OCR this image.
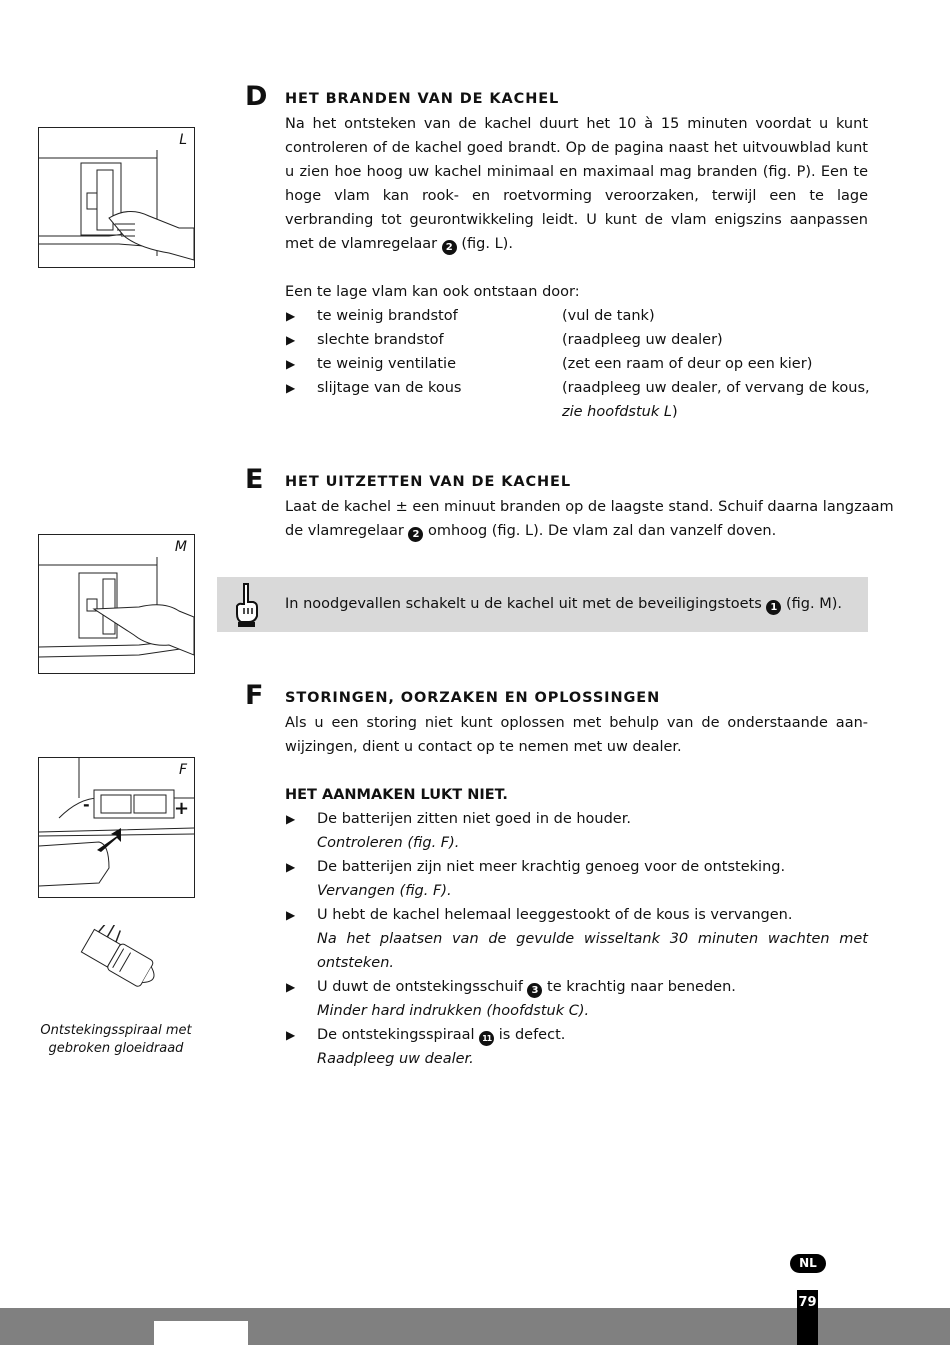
L
M
-	+
F
Ontstekingsspiraal met
gebroken gloeidraad
D HET BRANDEN VAN DE KACHEL
Na het ontsteken van de kachel duurt het 10 à 15 minuten voordat u kunt controleren of de kachel goed brandt. Op de pagina naast het uitvouwblad kunt u zien hoe hoog uw kachel minimaal en maximaal mag branden (fig. P). Een te hoge vlam kan rook- en roetvorming veroorzaken, terwijl een te lage verbranding tot geurontwikkeling leidt. U kunt de vlam enigszins aanpassen met de vlamregelaar 2 (fig. L).
Een te lage vlam kan ook ontstaan door:
▶ te weinig brandstof	(vul de tank)
▶ slechte brandstof	(raadpleeg uw dealer)
▶ te weinig ventilatie	(zet een raam of deur op een kier)
▶ slijtage van de kous	(raadpleeg uw dealer, of vervang de kous,
zie hoofdstuk L)
E HET UITZETTEN VAN DE KACHEL
Laat de kachel ± een minuut branden op de laagste stand. Schuif daarna langzaam
de vlamregelaar 2 omhoog (fig. L). De vlam zal dan vanzelf doven.
In noodgevallen schakelt u de kachel uit met de beveiligingstoets 1 (fig. M).
F STORINGEN, OORZAKEN EN OPLOSSINGEN
Als u een storing niet kunt oplossen met behulp van de onderstaande aan-
wijzingen, dient u contact op te nemen met uw dealer.
HET AANMAKEN LUKT NIET.
▶ De batterijen zitten niet goed in de houder.
Controleren (fig. F).
▶ De batterijen zijn niet meer krachtig genoeg voor de ontsteking.
Vervangen (fig. F).
▶ U hebt de kachel helemaal leeggestookt of de kous is vervangen.
Na het plaatsen van de gevulde wisseltank 30 minuten wachten met
ontsteken.
▶ U duwt de ontstekingsschuif 3 te krachtig naar beneden.
Minder hard indrukken (hoofdstuk C).
▶ De ontstekingsspiraal 11 is defect.
Raadpleeg uw dealer.
NL
79
